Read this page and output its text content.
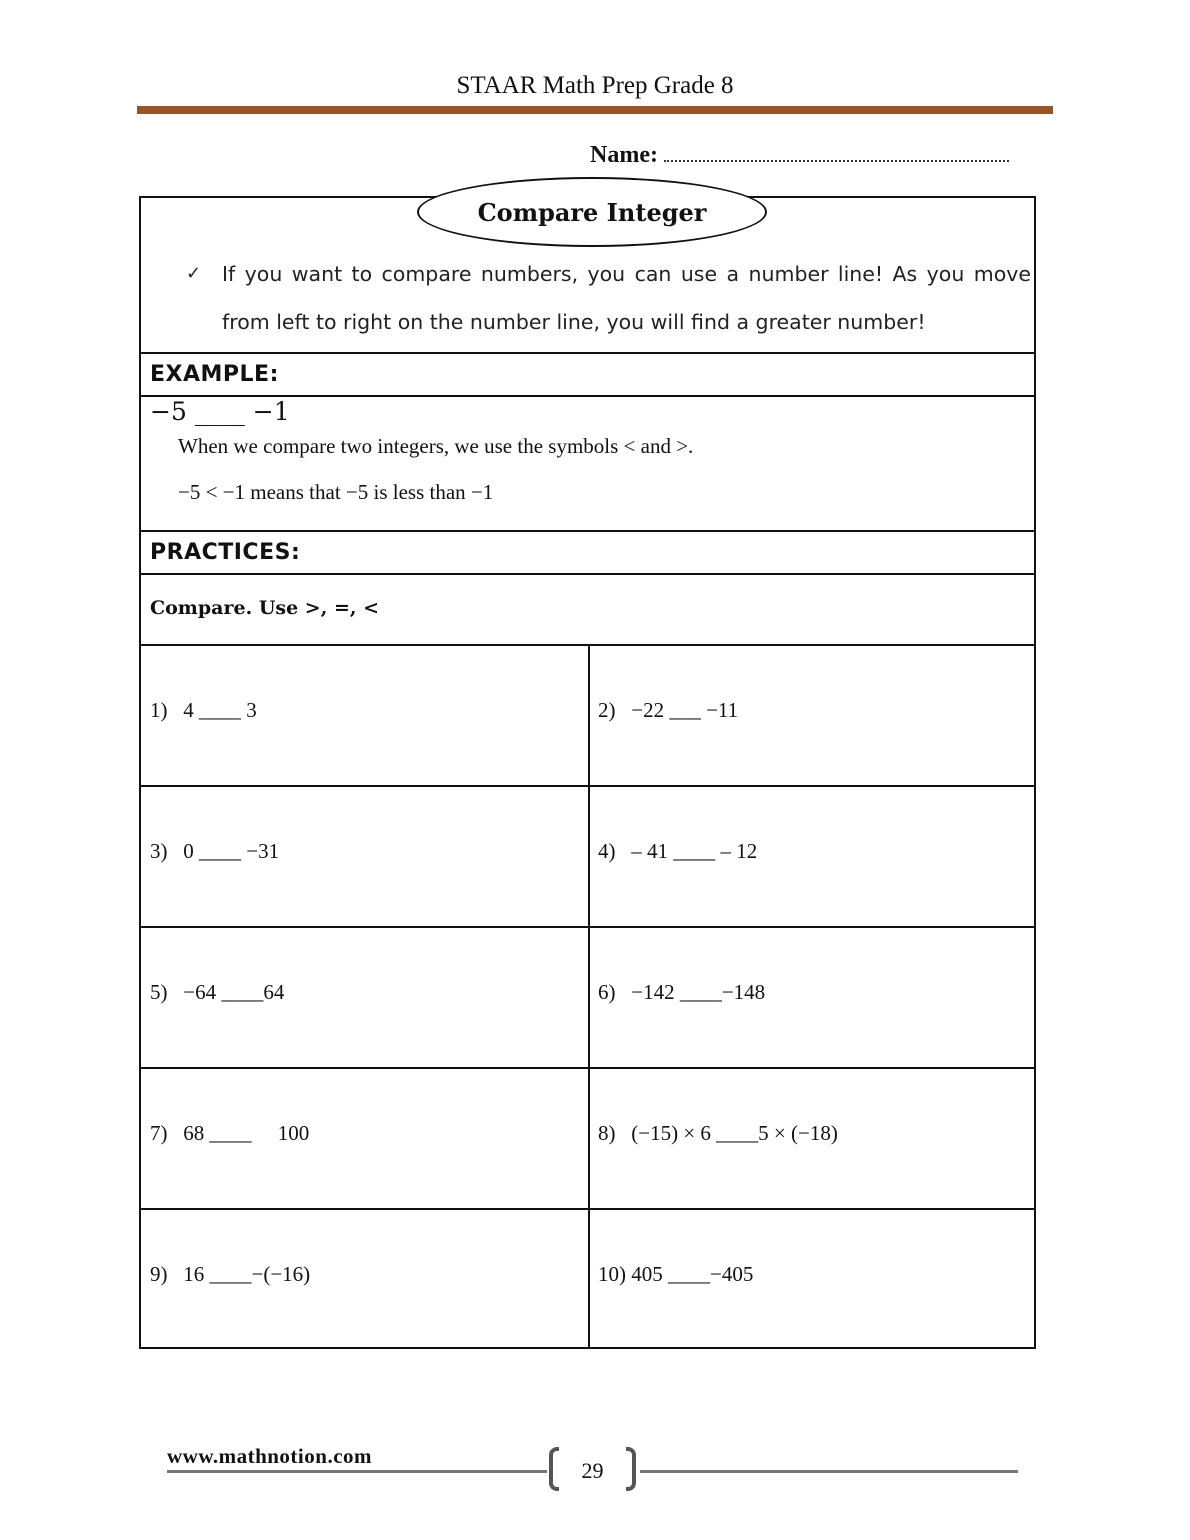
STAAR Math Prep Grade 8
Name:
Compare Integer
✓ If you want to compare numbers, you can use a number line! As you move from left to right on the number line, you will find a greater number!
EXAMPLE:
−5 ____ −1
When we compare two integers, we use the symbols < and >.
−5 < −1 means that −5 is less than −1
PRACTICES:
Compare. Use >, =, <
1)   4 ____ 3	2)   −22 ___ −11
3)   0 ____ −31	4)   – 41 ____ – 12
5)   −64 ____64	6)   −142 ____−148
7)   68 ____     100	8)   (−15) × 6 ____5 × (−18)
9)   16 ____−(−16)	10) 405 ____−405
www.mathnotion.com
29
